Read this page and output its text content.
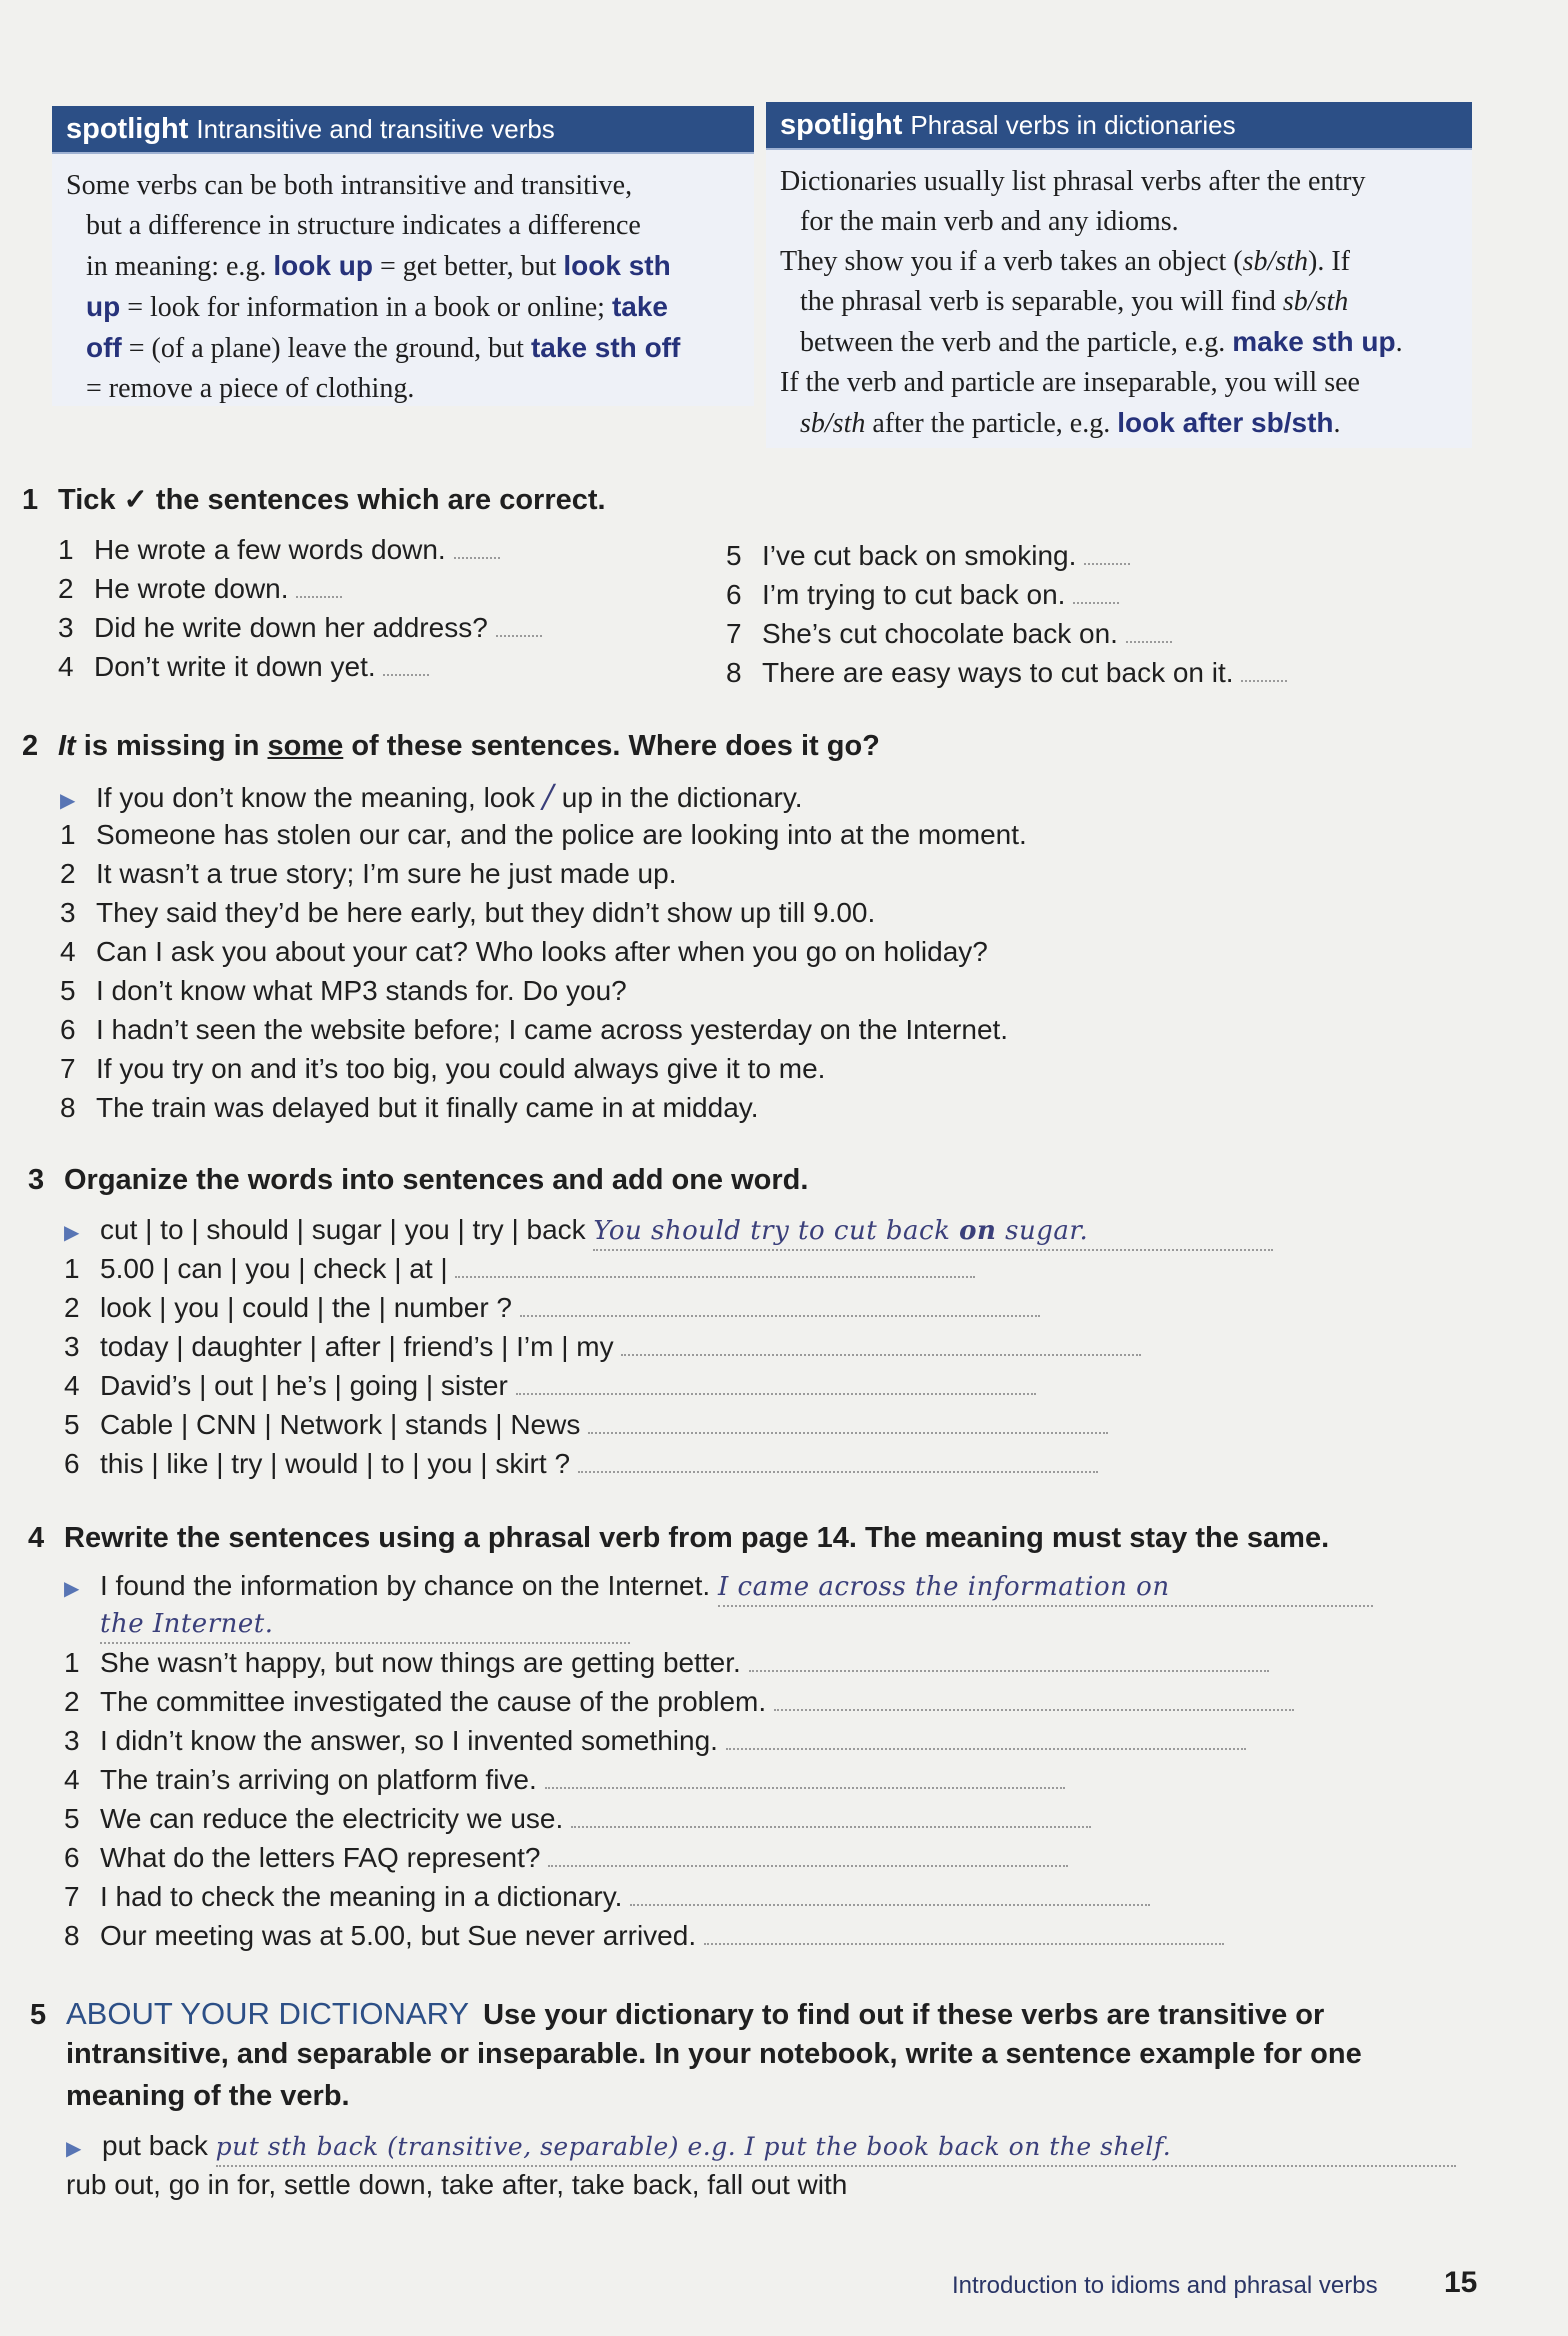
spotlight Intransitive and transitive verbs

Some verbs can be both intransitive and transitive,

but a difference in structure indicates a difference

in meaning: e.g. look up = get better, but look sth

up = look for information in a book or online; take

off = (of a plane) leave the ground, but take sth off

= remove a piece of clothing.

spotlight Phrasal verbs in dictionaries

Dictionaries usually list phrasal verbs after the entry

for the main verb and any idioms.

They show you if a verb takes an object (sb/sth). If

the phrasal verb is separable, you will find sb/sth

between the verb and the particle, e.g. make sth up.

If the verb and particle are inseparable, you will see

sb/sth after the particle, e.g. look after sb/sth.

1 Tick ✓ the sentences which are correct.
1 He wrote a few words down.
2 He wrote down.
3 Did he write down her address?
4 Don’t write it down yet.
5 I’ve cut back on smoking.
6 I’m trying to cut back on.
7 She’s cut chocolate back on.
8 There are easy ways to cut back on it.
2 It is missing in some of these sentences. Where does it go?
▶ If you don’t know the meaning, look / up in the dictionary.
1 Someone has stolen our car, and the police are looking into at the moment.
2 It wasn’t a true story; I’m sure he just made up.
3 They said they’d be here early, but they didn’t show up till 9.00.
4 Can I ask you about your cat? Who looks after when you go on holiday?
5 I don’t know what MP3 stands for. Do you?
6 I hadn’t seen the website before; I came across yesterday on the Internet.
7 If you try on and it’s too big, you could always give it to me.
8 The train was delayed but it finally came in at midday.
3 Organize the words into sentences and add one word.
▶ cut | to | should | sugar | you | try | back You should try to cut back on sugar.
1 5.00 | can | you | check | at |
2 look | you | could | the | number ?
3 today | daughter | after | friend’s | I’m | my
4 David’s | out | he’s | going | sister
5 Cable | CNN | Network | stands | News
6 this | like | try | would | to | you | skirt ?
4 Rewrite the sentences using a phrasal verb from page 14. The meaning must stay the same.
▶ I found the information by chance on the Internet. I came across the information on
the Internet.
1 She wasn’t happy, but now things are getting better.
2 The committee investigated the cause of the problem.
3 I didn’t know the answer, so I invented something.
4 The train’s arriving on platform five.
5 We can reduce the electricity we use.
6 What do the letters FAQ represent?
7 I had to check the meaning in a dictionary.
8 Our meeting was at 5.00, but Sue never arrived.
5 ABOUT YOUR DICTIONARY Use your dictionary to find out if these verbs are transitive or
intransitive, and separable or inseparable. In your notebook, write a sentence example for one
meaning of the verb.
▶ put back put sth back (transitive, separable) e.g. I put the book back on the shelf.
rub out, go in for, settle down, take after, take back, fall out with
Introduction to idioms and phrasal verbs 15
